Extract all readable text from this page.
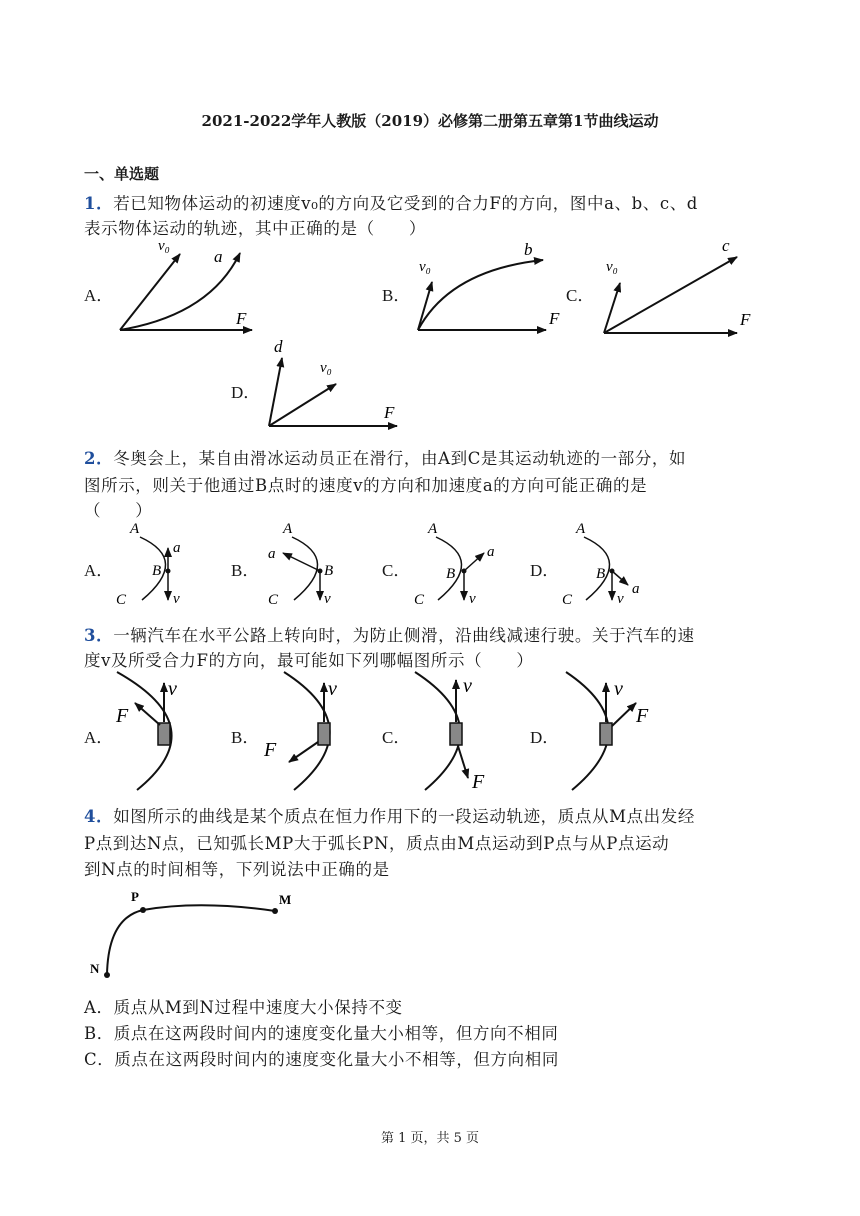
2021-2022学年人教版（2019）必修第二册第五章第1节曲线运动
一、单选题
1．若已知物体运动的初速度v₀的方向及它受到的合力F的方向，图中a、b、c、d
表示物体运动的轨迹，其中正确的是（　　）
A．	B．	C．
D．
v₀
a
F
v₀
b
F
v₀
c
F
d
v₀
F
A
B
C
a
v
A
B
C
a
v
A
B
C
a
v
A
B
C
a
v
v
F
v
F
v
F
v
F
P	M
N
2．冬奥会上，某自由滑冰运动员正在滑行，由A到C是其运动轨迹的一部分，如
图所示，则关于他通过B点时的速度v的方向和加速度a的方向可能正确的是
（　　）
A．	B．	C．	D．
3．一辆汽车在水平公路上转向时，为防止侧滑，沿曲线减速行驶。关于汽车的速
度v及所受合力F的方向，最可能如下列哪幅图所示（　　）
A．	B．	C．	D．
4．如图所示的曲线是某个质点在恒力作用下的一段运动轨迹，质点从M点出发经
P点到达N点，已知弧长MP大于弧长PN，质点由M点运动到P点与从P点运动
到N点的时间相等，下列说法中正确的是
A．质点从M到N过程中速度大小保持不变
B．质点在这两段时间内的速度变化量大小相等，但方向不相同
C．质点在这两段时间内的速度变化量大小不相等，但方向相同
第 1 页，共 5 页
